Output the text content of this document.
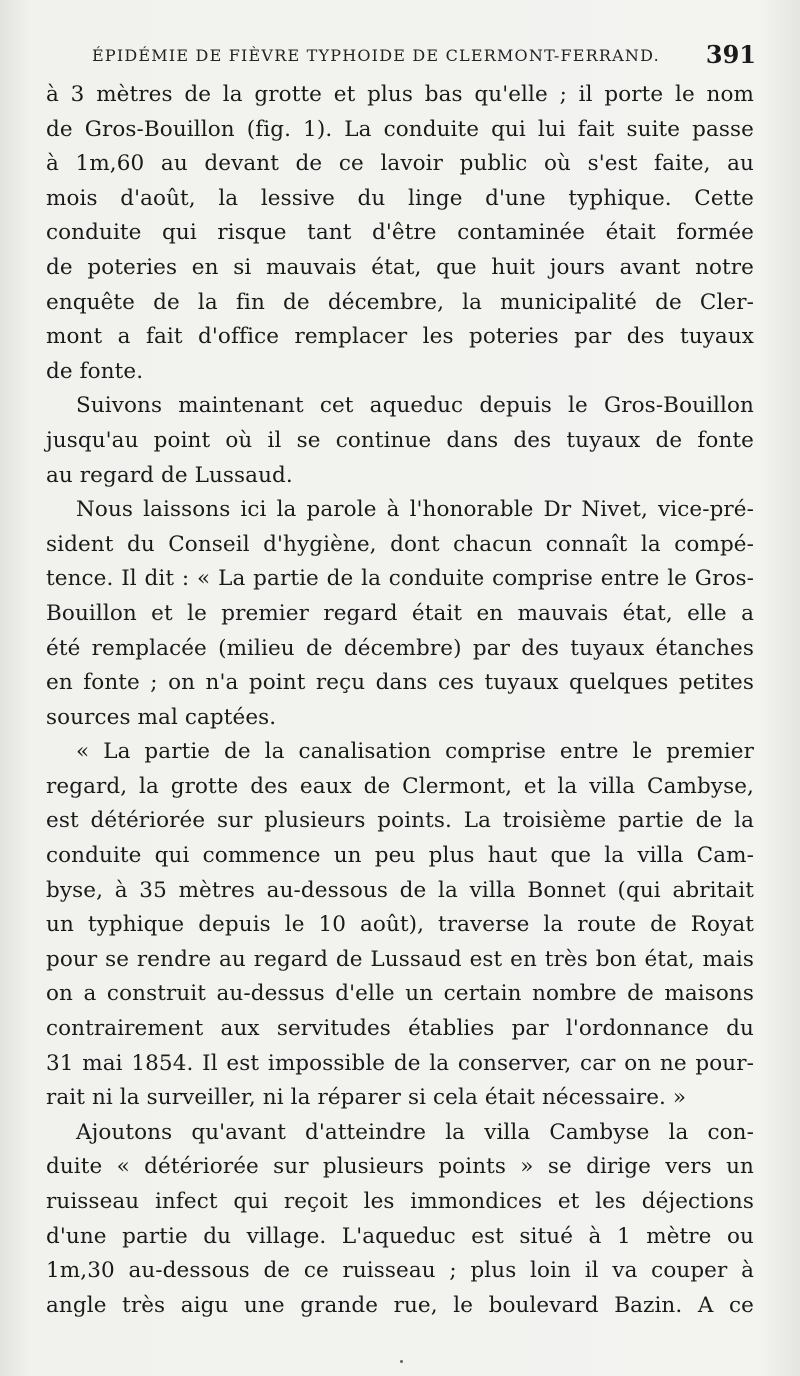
ÉPIDÉMIE DE FIÈVRE TYPHOIDE DE CLERMONT-FERRAND. 391
à 3 mètres de la grotte et plus bas qu'elle ; il porte le nom
de Gros-Bouillon (fig. 1). La conduite qui lui fait suite passe
à 1m,60 au devant de ce lavoir public où s'est faite, au
mois d'août, la lessive du linge d'une typhique. Cette
conduite qui risque tant d'être contaminée était formée
de poteries en si mauvais état, que huit jours avant notre
enquête de la fin de décembre, la municipalité de Cler-
mont a fait d'office remplacer les poteries par des tuyaux
de fonte.
Suivons maintenant cet aqueduc depuis le Gros-Bouillon
jusqu'au point où il se continue dans des tuyaux de fonte
au regard de Lussaud.
Nous laissons ici la parole à l'honorable Dr Nivet, vice-pré-
sident du Conseil d'hygiène, dont chacun connaît la compé-
tence. Il dit : « La partie de la conduite comprise entre le Gros-
Bouillon et le premier regard était en mauvais état, elle a
été remplacée (milieu de décembre) par des tuyaux étanches
en fonte ; on n'a point reçu dans ces tuyaux quelques petites
sources mal captées.
« La partie de la canalisation comprise entre le premier
regard, la grotte des eaux de Clermont, et la villa Cambyse,
est détériorée sur plusieurs points. La troisième partie de la
conduite qui commence un peu plus haut que la villa Cam-
byse, à 35 mètres au-dessous de la villa Bonnet (qui abritait
un typhique depuis le 10 août), traverse la route de Royat
pour se rendre au regard de Lussaud est en très bon état, mais
on a construit au-dessus d'elle un certain nombre de maisons
contrairement aux servitudes établies par l'ordonnance du
31 mai 1854. Il est impossible de la conserver, car on ne pour-
rait ni la surveiller, ni la réparer si cela était nécessaire. »
Ajoutons qu'avant d'atteindre la villa Cambyse la con-
duite « détériorée sur plusieurs points » se dirige vers un
ruisseau infect qui reçoit les immondices et les déjections
d'une partie du village. L'aqueduc est situé à 1 mètre ou
1m,30 au-dessous de ce ruisseau ; plus loin il va couper à
angle très aigu une grande rue, le boulevard Bazin. A ce
